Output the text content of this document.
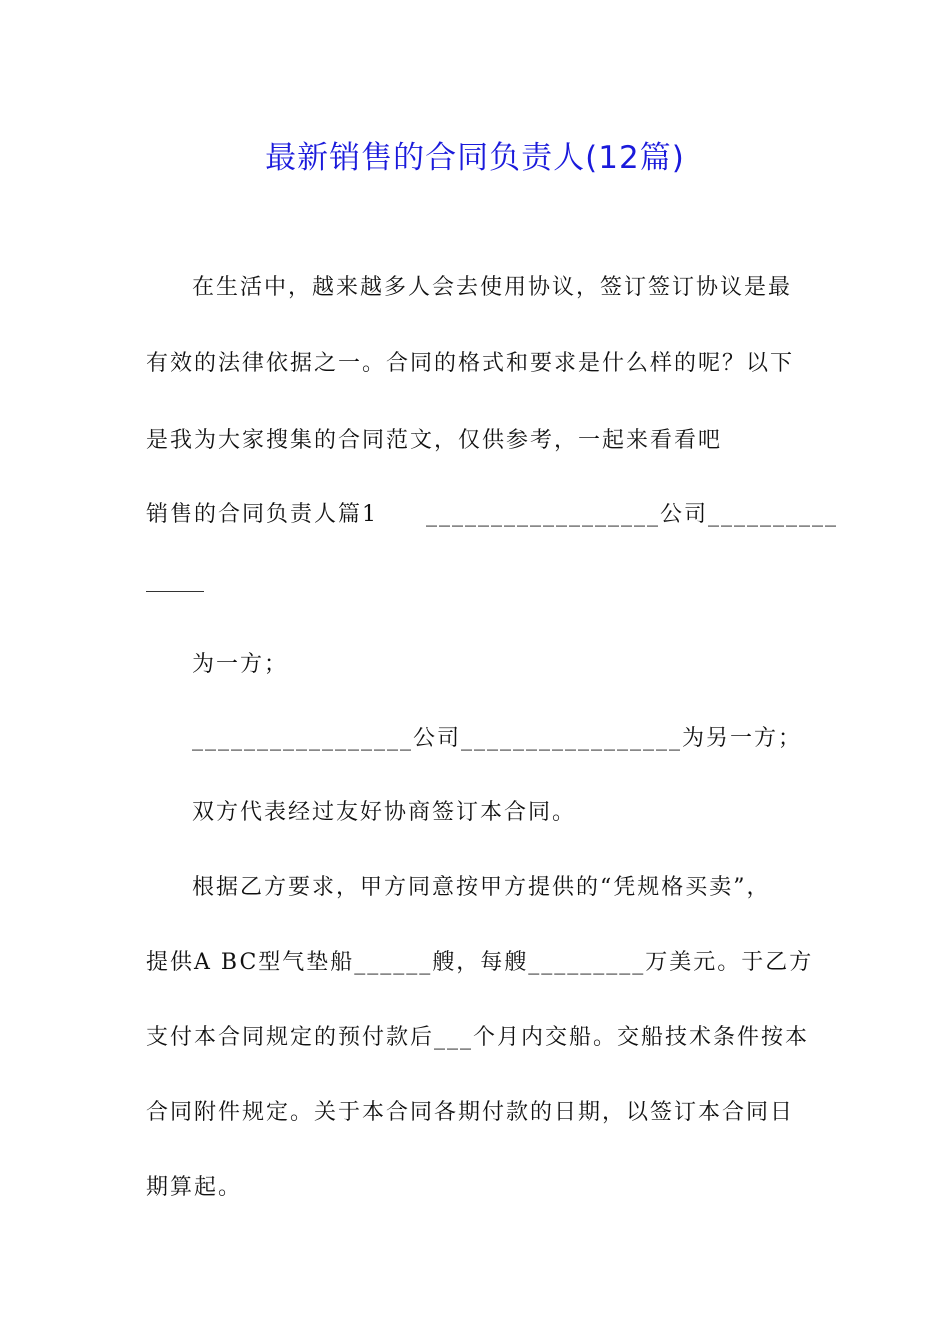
最新销售的合同负责人(12篇)
在生活中，越来越多人会去使用协议，签订签订协议是最
有效的法律依据之一。合同的格式和要求是什么样的呢？以下
是我为大家搜集的合同范文，仅供参考，一起来看看吧
销售的合同负责人篇1　　__________________公司__________
为一方；
_________________公司_________________为另一方；
双方代表经过友好协商签订本合同。
根据乙方要求，甲方同意按甲方提供的“凭规格买卖”，
提供A BC型气垫船______艘，每艘_________万美元。于乙方
支付本合同规定的预付款后___个月内交船。交船技术条件按本
合同附件规定。关于本合同各期付款的日期，以签订本合同日
期算起。
